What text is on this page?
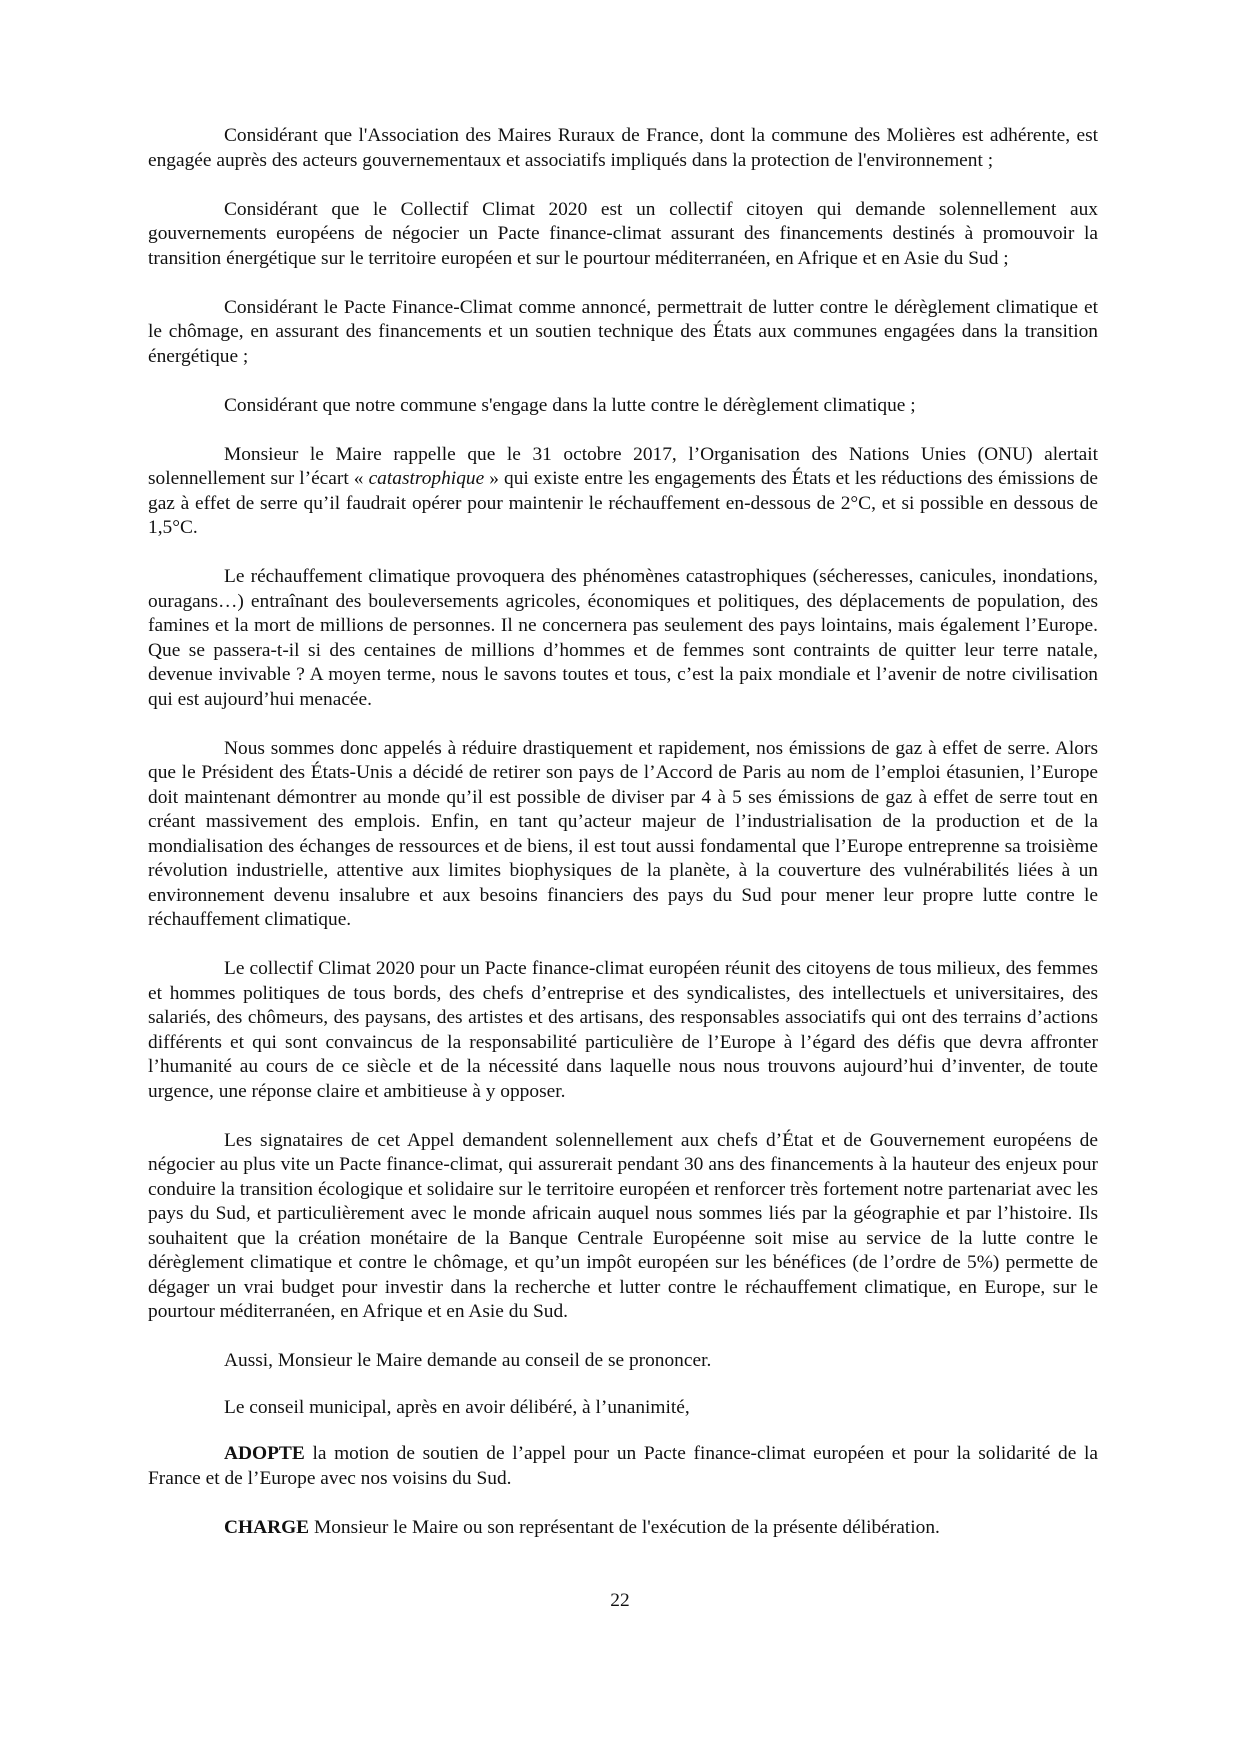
Considérant que l'Association des Maires Ruraux de France, dont la commune des Molières est adhérente, est engagée auprès des acteurs gouvernementaux et associatifs impliqués dans la protection de l'environnement ;

Considérant que le Collectif Climat 2020 est un collectif citoyen qui demande solennellement aux gouvernements européens de négocier un Pacte finance-climat assurant des financements destinés à promouvoir la transition énergétique sur le territoire européen et sur le pourtour méditerranéen, en Afrique et en Asie du Sud ;

Considérant le Pacte Finance-Climat comme annoncé, permettrait de lutter contre le dérèglement climatique et le chômage, en assurant des financements et un soutien technique des États aux communes engagées dans la transition énergétique ;

Considérant que notre commune s'engage dans la lutte contre le dérèglement climatique ;

Monsieur le Maire rappelle que le 31 octobre 2017, l’Organisation des Nations Unies (ONU) alertait solennellement sur l’écart « catastrophique » qui existe entre les engagements des États et les réductions des émissions de gaz à effet de serre qu’il faudrait opérer pour maintenir le réchauffement en-dessous de 2°C, et si possible en dessous de 1,5°C.

Le réchauffement climatique provoquera des phénomènes catastrophiques (sécheresses, canicules, inondations, ouragans…) entraînant des bouleversements agricoles, économiques et politiques, des déplacements de population, des famines et la mort de millions de personnes. Il ne concernera pas seulement des pays lointains, mais également l’Europe. Que se passera-t-il si des centaines de millions d’hommes et de femmes sont contraints de quitter leur terre natale, devenue invivable ? A moyen terme, nous le savons toutes et tous, c’est la paix mondiale et l’avenir de notre civilisation qui est aujourd’hui menacée.

Nous sommes donc appelés à réduire drastiquement et rapidement, nos émissions de gaz à effet de serre. Alors que le Président des États-Unis a décidé de retirer son pays de l’Accord de Paris au nom de l’emploi étasunien, l’Europe doit maintenant démontrer au monde qu’il est possible de diviser par 4 à 5 ses émissions de gaz à effet de serre tout en créant massivement des emplois. Enfin, en tant qu’acteur majeur de l’industrialisation de la production et de la mondialisation des échanges de ressources et de biens, il est tout aussi fondamental que l’Europe entreprenne sa troisième révolution industrielle, attentive aux limites biophysiques de la planète, à la couverture des vulnérabilités liées à un environnement devenu insalubre et aux besoins financiers des pays du Sud pour mener leur propre lutte contre le réchauffement climatique.

Le collectif Climat 2020 pour un Pacte finance-climat européen réunit des citoyens de tous milieux, des femmes et hommes politiques de tous bords, des chefs d’entreprise et des syndicalistes, des intellectuels et universitaires, des salariés, des chômeurs, des paysans, des artistes et des artisans, des responsables associatifs qui ont des terrains d’actions différents et qui sont convaincus de la responsabilité particulière de l’Europe à l’égard des défis que devra affronter l’humanité au cours de ce siècle et de la nécessité dans laquelle nous nous trouvons aujourd’hui d’inventer, de toute urgence, une réponse claire et ambitieuse à y opposer.

Les signataires de cet Appel demandent solennellement aux chefs d’État et de Gouvernement européens de négocier au plus vite un Pacte finance-climat, qui assurerait pendant 30 ans des financements à la hauteur des enjeux pour conduire la transition écologique et solidaire sur le territoire européen et renforcer très fortement notre partenariat avec les pays du Sud, et particulièrement avec le monde africain auquel nous sommes liés par la géographie et par l’histoire. Ils souhaitent que la création monétaire de la Banque Centrale Européenne soit mise au service de la lutte contre le dérèglement climatique et contre le chômage, et qu’un impôt européen sur les bénéfices (de l’ordre de 5%) permette de dégager un vrai budget pour investir dans la recherche et lutter contre le réchauffement climatique, en Europe, sur le pourtour méditerranéen, en Afrique et en Asie du Sud.

Aussi, Monsieur le Maire demande au conseil de se prononcer.

Le conseil municipal, après en avoir délibéré, à l’unanimité,

ADOPTE la motion de soutien de l’appel pour un Pacte finance-climat européen et pour la solidarité de la France et de l’Europe avec nos voisins du Sud.

CHARGE Monsieur le Maire ou son représentant de l'exécution de la présente délibération.

22
